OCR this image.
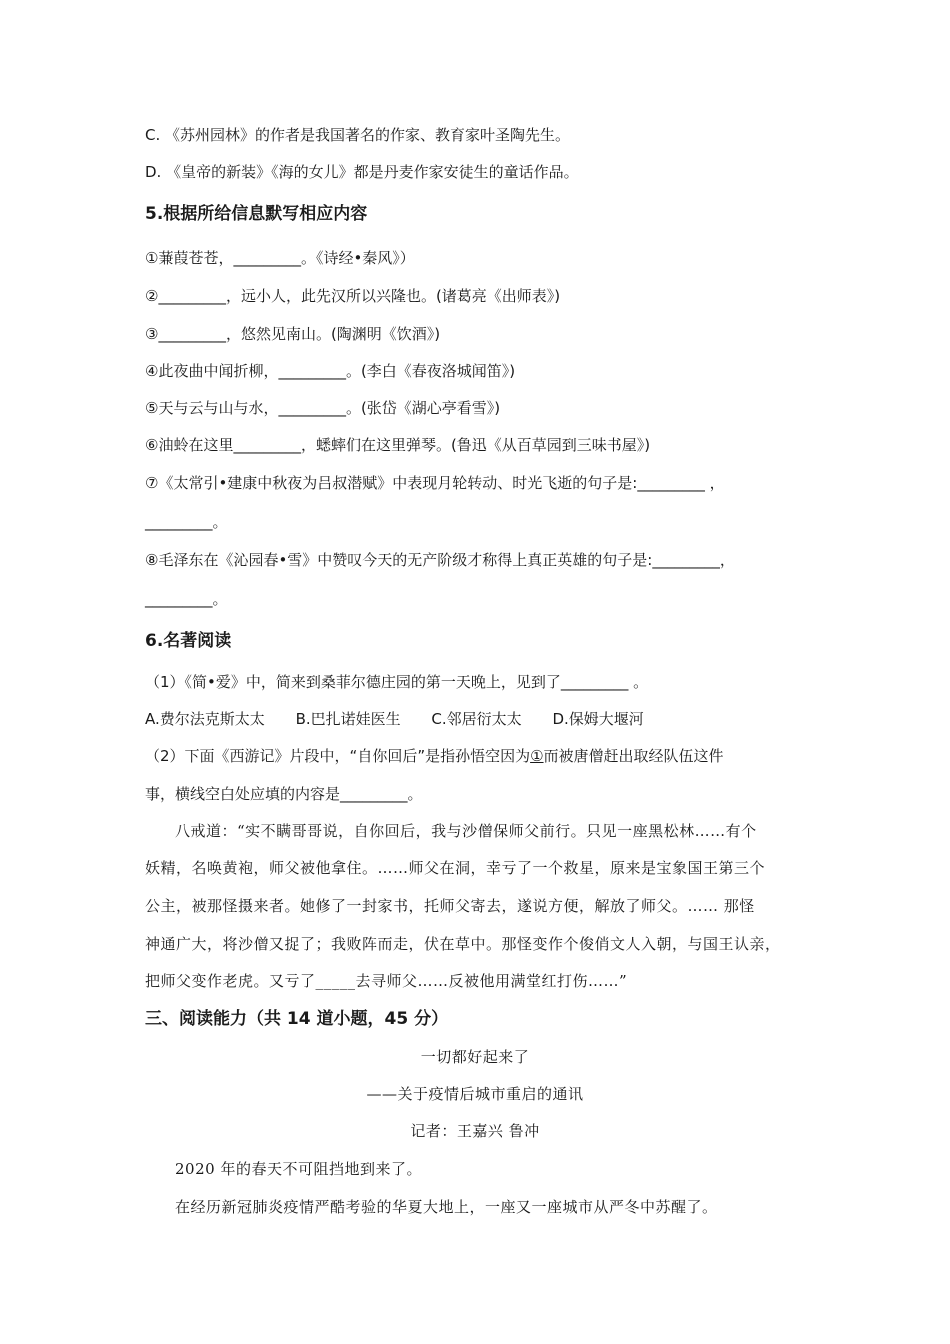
C. 《苏州园林》的作者是我国著名的作家、教育家叶圣陶先生。
D. 《皇帝的新装》《海的女儿》都是丹麦作家安徒生的童话作品。
5.根据所给信息默写相应内容
①蒹葭苍苍，_________。《诗经•秦风》）
②_________，远小人，此先汉所以兴隆也。(诸葛亮《出师表》)
③_________，悠然见南山。(陶渊明《饮酒》)
④此夜曲中闻折柳，_________。(李白《春夜洛城闻笛》)
⑤天与云与山与水，_________。(张岱《湖心亭看雪》)
⑥油蛉在这里_________，蟋蟀们在这里弹琴。(鲁迅《从百草园到三味书屋》)
⑦《太常引•建康中秋夜为吕叔潜赋》中表现月轮转动、时光飞逝的句子是:_________ ，
_________。
⑧毛泽东在《沁园春•雪》中赞叹今天的无产阶级才称得上真正英雄的句子是:_________，
_________。
6.名著阅读
（1）《简•爱》中，简来到桑菲尔德庄园的第一天晚上，见到了_________ 。
A.费尔法克斯太太 B.巴扎诺娃医生 C.邻居衍太太 D.保姆大堰河
（2）下面《西游记》片段中，“自你回后”是指孙悟空因为①而被唐僧赶出取经队伍这件
事，横线空白处应填的内容是_________。
八戒道：“实不瞒哥哥说，自你回后，我与沙僧保师父前行。只见一座黑松林……有个
妖精，名唤黄袍，师父被他拿住。……师父在洞，幸亏了一个救星，原来是宝象国王第三个
公主，被那怪摄来者。她修了一封家书，托师父寄去，遂说方便，解放了师父。…… 那怪
神通广大，将沙僧又捉了；我败阵而走，伏在草中。那怪变作个俊俏文人入朝，与国王认亲，
把师父变作老虎。又亏了_____去寻师父……反被他用满堂红打伤……”
三、阅读能力（共 14 道小题，45 分）
一切都好起来了
——关于疫情后城市重启的通讯
记者：王嘉兴 鲁冲
2020 年的春天不可阻挡地到来了。
在经历新冠肺炎疫情严酷考验的华夏大地上，一座又一座城市从严冬中苏醒了。
